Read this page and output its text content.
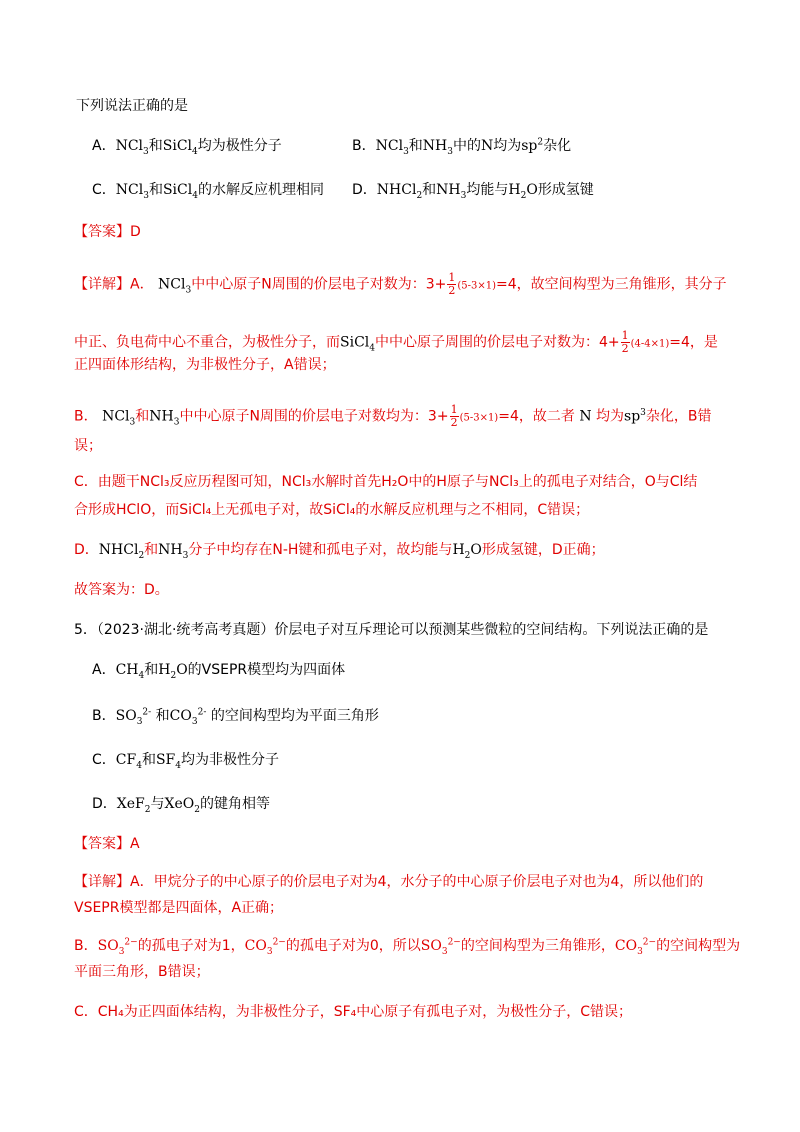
下列说法正确的是
A．NCl$_3$和SiCl$_4$均为极性分子	B．NCl$_3$和$NH_3$中的N均为$sp^2$杂化
C．NCl$_3$和SiCl$_4$的水解反应机理相同 D．NHCl$_2$和$NH_3$均能与$H_2O$形成氢键
【答案】D
【详解】A． NCl$_3$中中心原子N周围的价层电子对数为：$3+ \frac{1}{2} (5-3\times 1)=4$，故空间构型为三角锥形，其分子
中正、负电荷中心不重合，为极性分子，而SiCl$_4$中中心原子周围的价层电子对数为：$4+ \frac{1}{2} (4-4\times 1)=4$，是
正四面体形结构，为非极性分子，A错误；
B． NCl$_3$和$NH_3$中中心原子N周围的价层电子对数均为：$3+ \frac{1}{2} (5-3\times 1)=4$，故二者 N 均为$sp^3$杂化，B错
误；
C．由题干NCl₃反应历程图可知，NCl₃水解时首先H₂O中的H原子与NCl₃上的孤电子对结合，O与Cl结
合形成HClO，而SiCl₄上无孤电子对，故SiCl₄的水解反应机理与之不相同，C错误；
D．NHCl$_2$和$NH_3$分子中均存在N-H键和孤电子对，故均能与$H_2O$形成氢键，D正确；
故答案为：D。
5．（2023·湖北·统考高考真题）价层电子对互斥理论可以预测某些微粒的空间结构。下列说法正确的是
A．$CH_4$和$H_2O$的VSEPR模型均为四面体
B．$SO_3^{2-}$ 和$CO_3^{2-}$ 的空间构型均为平面三角形
C．$CF_4$和$SF_4$均为非极性分子
D．XeF$_2$与XeO$_2$的键角相等
【答案】A
【详解】A．甲烷分子的中心原子的价层电子对为4，水分子的中心原子价层电子对也为4，所以他们的
VSEPR模型都是四面体，A正确；
B．$SO_3^{2-}$的孤电子对为1，$CO_3^{2-}$的孤电子对为0，所以$SO_3^{2-}$的空间构型为三角锥形，$CO_3^{2-}$的空间构型为
平面三角形，B错误；
C．CH₄为正四面体结构，为非极性分子，SF₄中心原子有孤电子对，为极性分子，C错误；
